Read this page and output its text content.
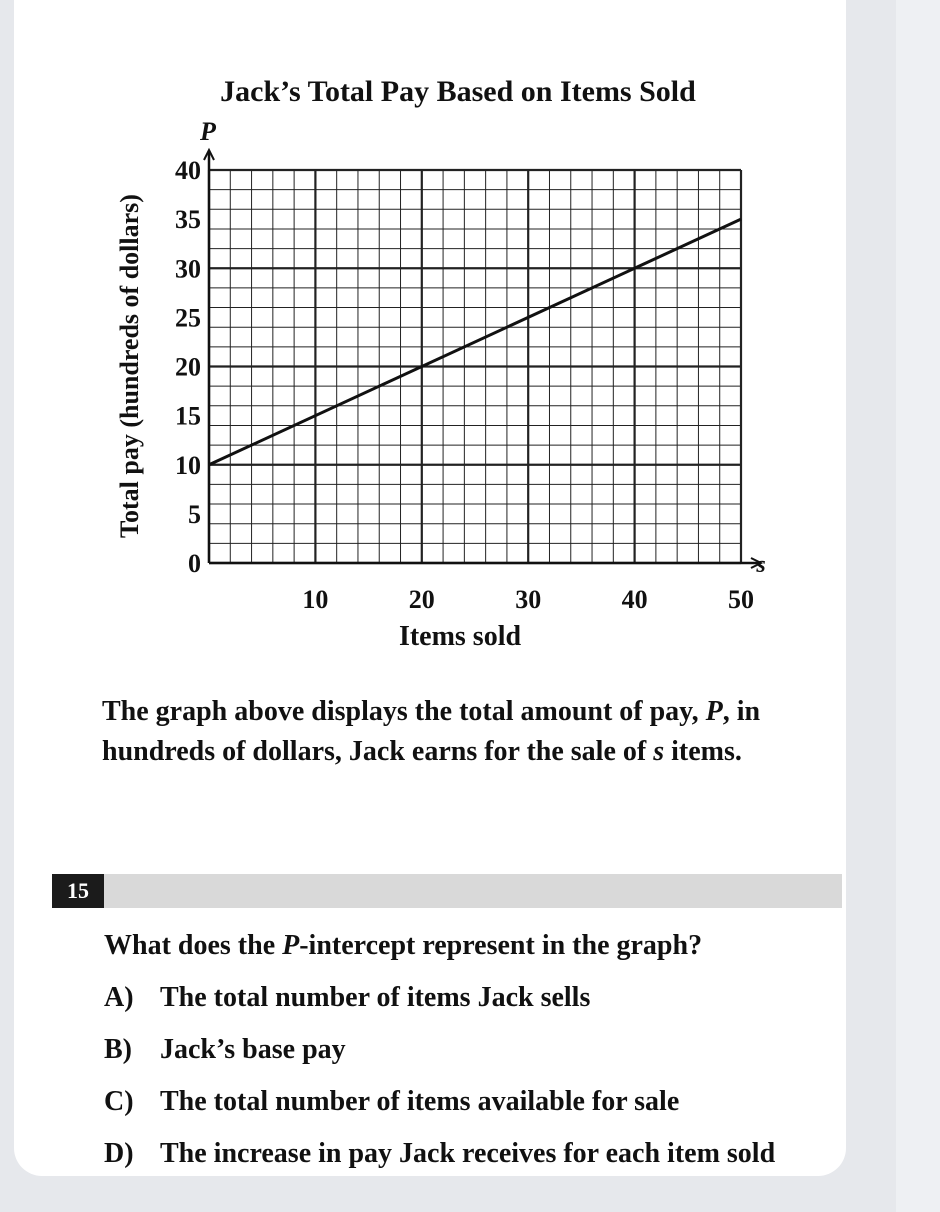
Jack’s Total Pay Based on Items Sold
Total pay (hundreds of dollars)
Items sold
P
s
0
5
10
15
20
25
30
35
40
10	20	30	40	50
The graph above displays the total amount of pay, P, in hundreds of dollars, Jack earns for the sale of s items.
15
What does the P-intercept represent in the graph?
A) The total number of items Jack sells
B) Jack’s base pay
C) The total number of items available for sale
D) The increase in pay Jack receives for each item sold
